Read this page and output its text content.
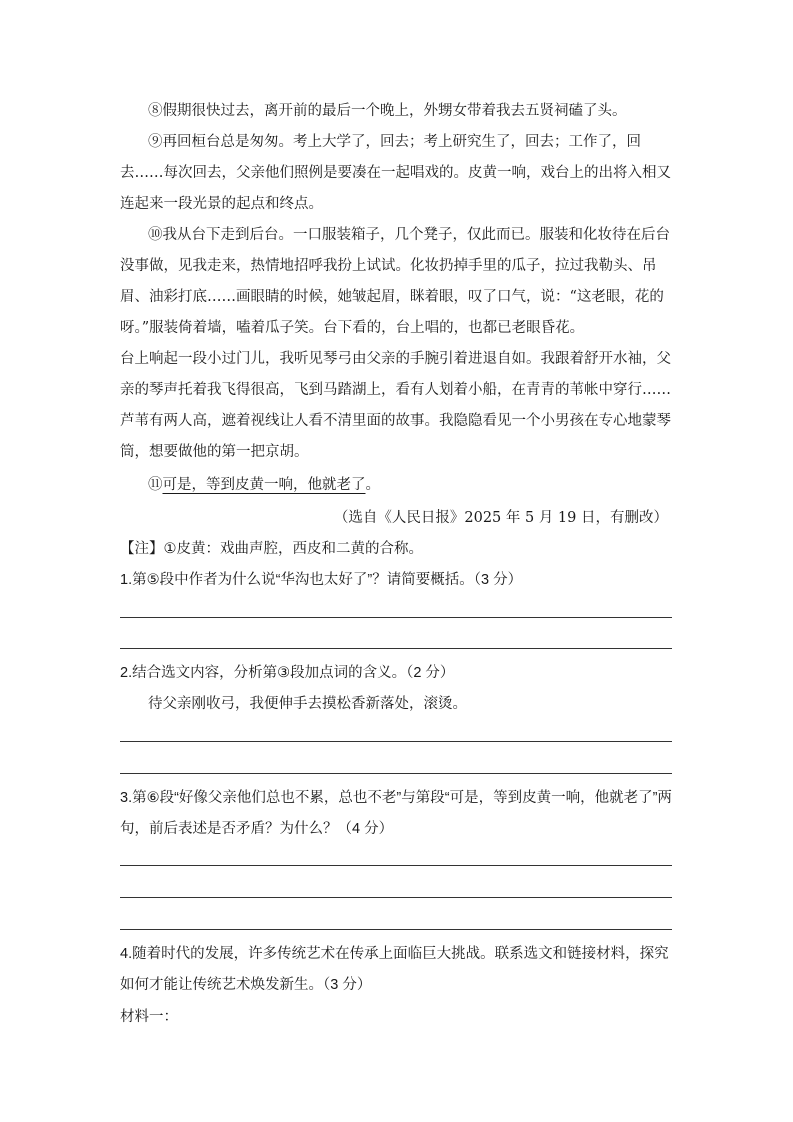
⑧假期很快过去，离开前的最后一个晚上，外甥女带着我去五贤祠磕了头。

⑨再回桓台总是匆匆。考上大学了，回去；考上研究生了，回去；工作了，回去……每次回去，父亲他们照例是要凑在一起唱戏的。皮黄一响，戏台上的出将入相又连起来一段光景的起点和终点。

⑩我从台下走到后台。一口服装箱子，几个凳子，仅此而已。服装和化妆待在后台没事做，见我走来，热情地招呼我扮上试试。化妆扔掉手里的瓜子，拉过我勒头、吊眉、油彩打底……画眼睛的时候，她皱起眉，眯着眼，叹了口气，说：“这老眼，花的呀。”服装倚着墙，嗑着瓜子笑。台下看的，台上唱的，也都已老眼昏花。

台上响起一段小过门儿，我听见琴弓由父亲的手腕引着进退自如。我跟着舒开水袖，父亲的琴声托着我飞得很高，飞到马踏湖上，看有人划着小船，在青青的苇帐中穿行……芦苇有两人高，遮着视线让人看不清里面的故事。我隐隐看见一个小男孩在专心地蒙琴筒，想要做他的第一把京胡。

⑪可是，等到皮黄一响，他就老了。

（选自《人民日报》2025 年 5 月 19 日，有删改）

【注】①皮黄：戏曲声腔，西皮和二黄的合称。

1.第⑤段中作者为什么说“华沟也太好了”？请简要概括。（3 分）

2.结合选文内容，分析第③段加点词的含义。（2 分）

待父亲刚收弓，我便伸手去摸松香新落处，滚烫。

3.第⑥段“好像父亲他们总也不累，总也不老”与第段“可是，等到皮黄一响，他就老了”两句，前后表述是否矛盾？为什么？（4 分）

4.随着时代的发展，许多传统艺术在传承上面临巨大挑战。联系选文和链接材料，探究如何才能让传统艺术焕发新生。（3 分）

材料一：
